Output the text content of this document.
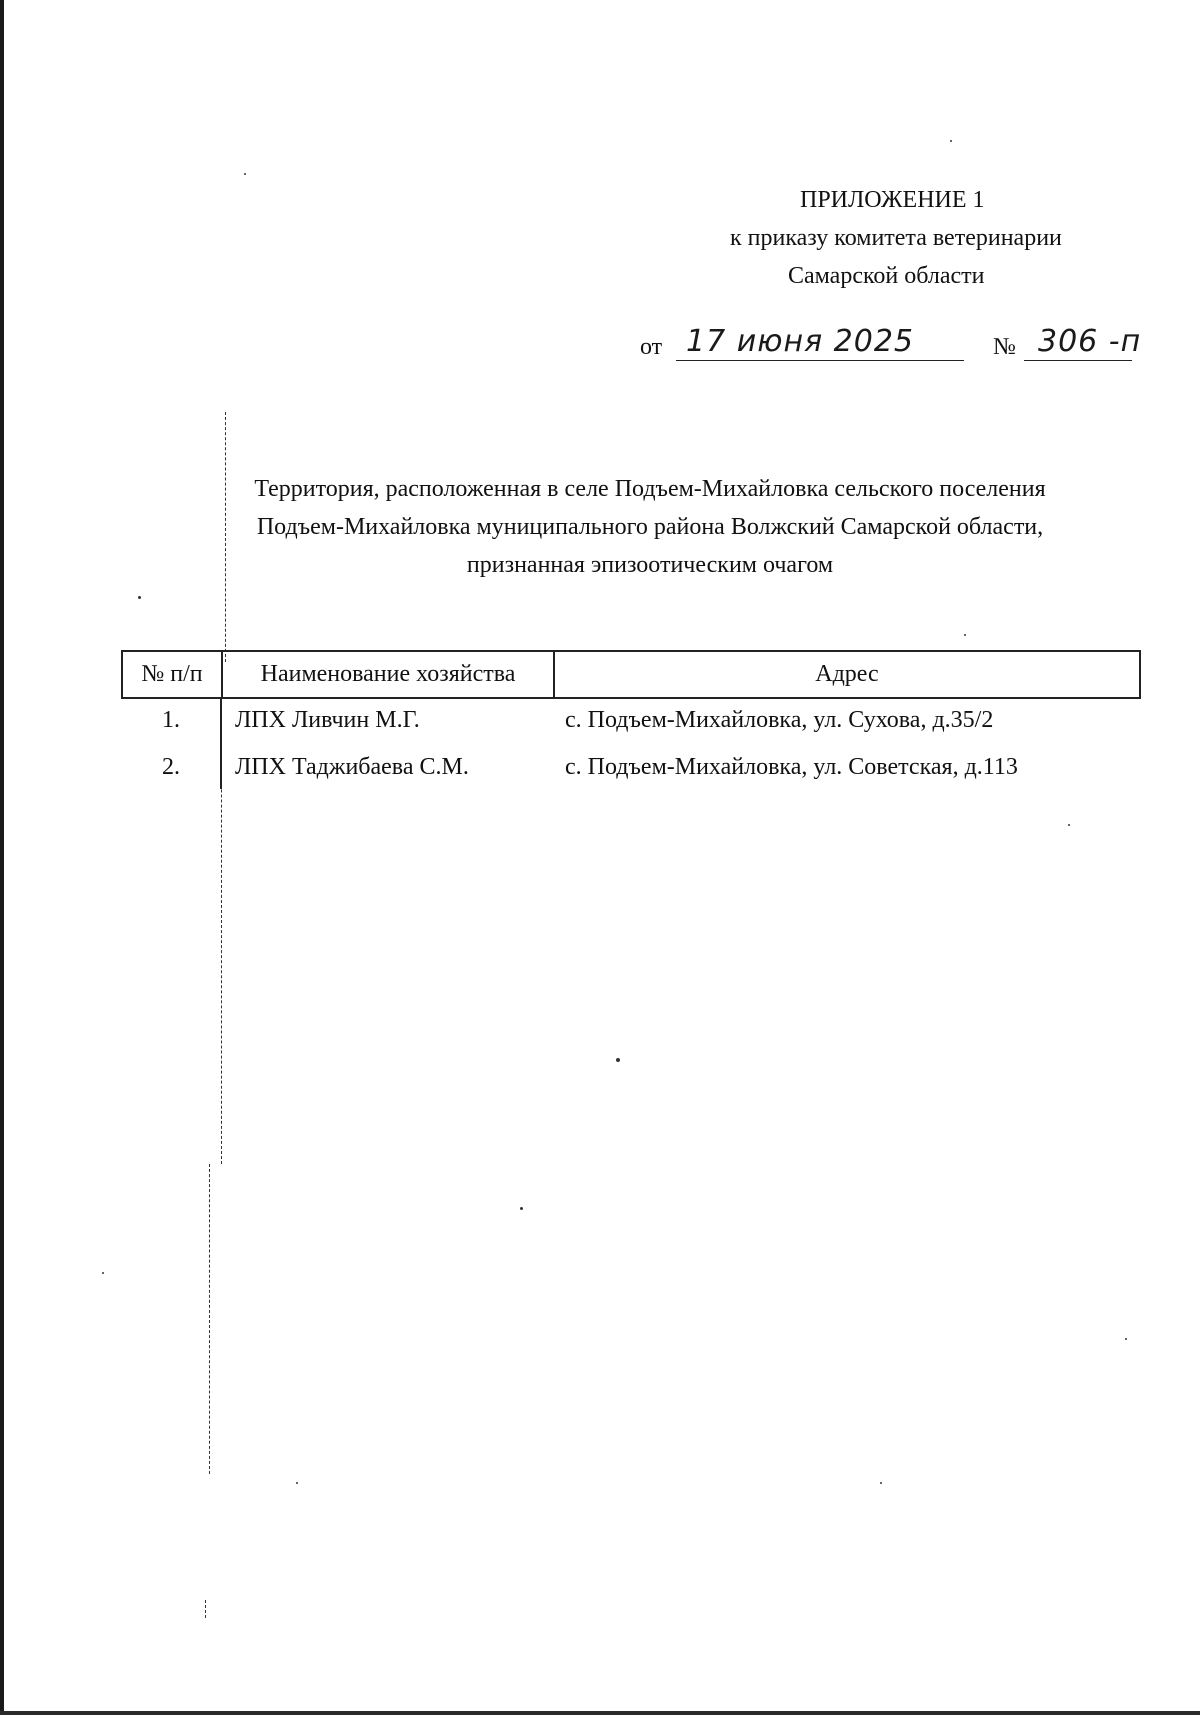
ПРИЛОЖЕНИЕ 1
к приказу комитета ветеринарии
Самарской области
от 17 июня 2025	№ 306 -п
Территория, расположенная в селе Подъем-Михайловка сельского поселения
Подъем-Михайловка муниципального района Волжский Самарской области,
признанная эпизоотическим очагом
№ п/п	Наименование хозяйства	Адрес
1.	ЛПХ Ливчин М.Г.	с. Подъем-Михайловка, ул. Сухова, д.35/2
2.	ЛПХ Таджибаева С.М.	с. Подъем-Михайловка, ул. Советская, д.113
